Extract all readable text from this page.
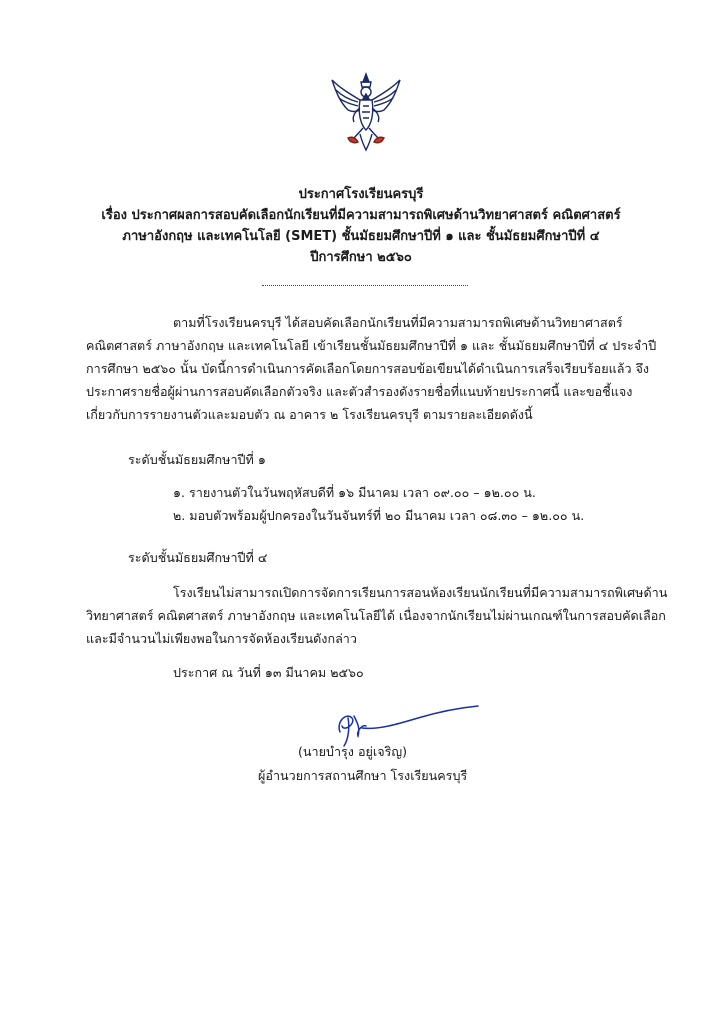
ประกาศโรงเรียนครบุรี
เรื่อง ประกาศผลการสอบคัดเลือกนักเรียนที่มีความสามารถพิเศษด้านวิทยาศาสตร์ คณิตศาสตร์
ภาษาอังกฤษ และเทคโนโลยี (SMET) ชั้นมัธยมศึกษาปีที่ ๑ และ ชั้นมัธยมศึกษาปีที่ ๔
ปีการศึกษา ๒๕๖๐
ตามที่โรงเรียนครบุรี ได้สอบคัดเลือกนักเรียนที่มีความสามารถพิเศษด้านวิทยาศาสตร์
คณิตศาสตร์ ภาษาอังกฤษ และเทคโนโลยี เข้าเรียนชั้นมัธยมศึกษาปีที่ ๑ และ ชั้นมัธยมศึกษาปีที่ ๔ ประจำปี
การศึกษา ๒๕๖๐ นั้น บัดนี้การดำเนินการคัดเลือกโดยการสอบข้อเขียนได้ดำเนินการเสร็จเรียบร้อยแล้ว จึง
ประกาศรายชื่อผู้ผ่านการสอบคัดเลือกตัวจริง และตัวสำรองดังรายชื่อที่แนบท้ายประกาศนี้ และขอชี้แจง
เกี่ยวกับการรายงานตัวและมอบตัว ณ อาคาร ๒ โรงเรียนครบุรี ตามรายละเอียดดังนี้
ระดับชั้นมัธยมศึกษาปีที่ ๑
๑. รายงานตัวในวันพฤหัสบดีที่ ๑๖ มีนาคม เวลา ๐๙.๐๐ – ๑๒.๐๐ น.
๒. มอบตัวพร้อมผู้ปกครองในวันจันทร์ที่ ๒๐ มีนาคม เวลา ๐๘.๓๐ – ๑๒.๐๐ น.
ระดับชั้นมัธยมศึกษาปีที่ ๔
โรงเรียนไม่สามารถเปิดการจัดการเรียนการสอนห้องเรียนนักเรียนที่มีความสามารถพิเศษด้าน
วิทยาศาสตร์ คณิตศาสตร์ ภาษาอังกฤษ และเทคโนโลยีได้ เนื่องจากนักเรียนไม่ผ่านเกณฑ์ในการสอบคัดเลือก
และมีจำนวนไม่เพียงพอในการจัดห้องเรียนดังกล่าว
ประกาศ ณ วันที่ ๑๓ มีนาคม ๒๕๖๐
(นายบำรุง อยู่เจริญ)
ผู้อำนวยการสถานศึกษา โรงเรียนครบุรี
